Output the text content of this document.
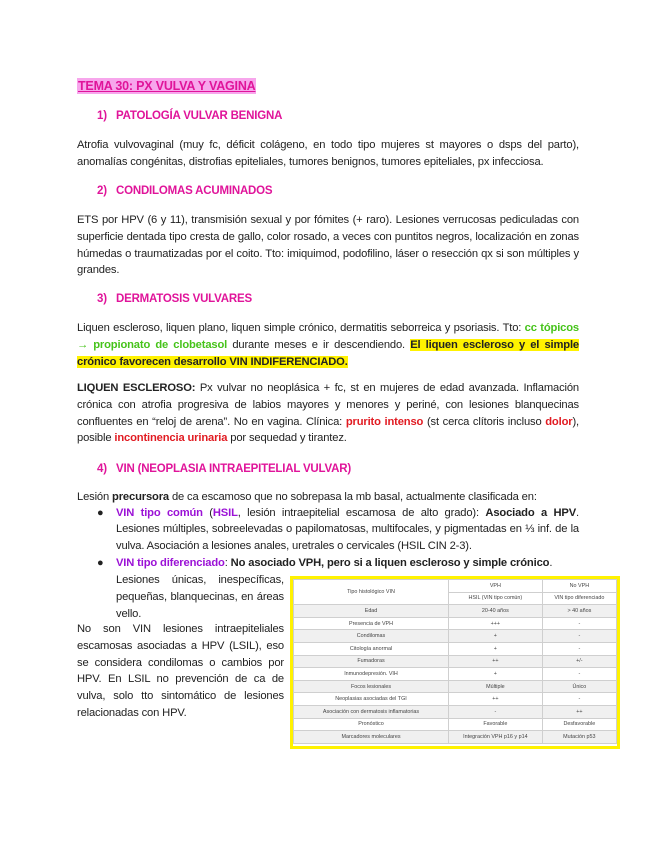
TEMA 30: PX VULVA Y VAGINA
1) PATOLOGÍA VULVAR BENIGNA
Atrofia vulvovaginal (muy fc, déficit colágeno, en todo tipo mujeres st mayores o dsps del parto), anomalías congénitas, distrofias epiteliales, tumores benignos, tumores epiteliales, px infecciosa.
2) CONDILOMAS ACUMINADOS
ETS por HPV (6 y 11), transmisión sexual y por fómites (+ raro). Lesiones verrucosas pediculadas con superficie dentada tipo cresta de gallo, color rosado, a veces con puntitos negros, localización en zonas húmedas o traumatizadas por el coito. Tto: imiquimod, podofilino, láser o resección qx si son múltiples y grandes.
3) DERMATOSIS VULVARES
Liquen escleroso, liquen plano, liquen simple crónico, dermatitis seborreica y psoriasis. Tto: cc tópicos → propionato de clobetasol durante meses e ir descendiendo. El liquen escleroso y el simple crónico favorecen desarrollo VIN INDIFERENCIADO.
LIQUEN ESCLEROSO: Px vulvar no neoplásica + fc, st en mujeres de edad avanzada. Inflamación crónica con atrofia progresiva de labios mayores y menores y periné, con lesiones blanquecinas confluentes en “reloj de arena”. No en vagina. Clínica: prurito intenso (st cerca clítoris incluso dolor), posible incontinencia urinaria por sequedad y tirantez.
4) VIN (NEOPLASIA INTRAEPITELIAL VULVAR)
Lesión precursora de ca escamoso que no sobrepasa la mb basal, actualmente clasificada en:
● VIN tipo común (HSIL, lesión intraepitelial escamosa de alto grado): Asociado a HPV. Lesiones múltiples, sobreelevadas o papilomatosas, multifocales, y pigmentadas en ⅓ inf. de la vulva. Asociación a lesiones anales, uretrales o cervicales (HSIL CIN 2-3).
● VIN tipo diferenciado: No asociado VPH, pero si a liquen escleroso y simple crónico.
Lesiones únicas, inespecíficas, pequeñas, blanquecinas, en áreas vello.
No son VIN lesiones intraepiteliales escamosas asociadas a HPV (LSIL), eso se considera condilomas o cambios por HPV. En LSIL no prevención de ca de vulva, solo tto sintomático de lesiones relacionadas con HPV.
Tipo histológico VIN	VPH	No VPH
	HSIL (VIN tipo común)	VIN tipo diferenciado
Edad	20-40 años	> 40 años
Presencia de VPH	+++	-
Condilomas	+	-
Citología anormal	+	-
Fumadoras	++	+/-
Inmunodepresión. VIH	+	-
Focos lesionales	Múltiple	Único
Neoplasias asociadas del TGI	++	-
Asociación con dermatosis inflamatorias	-	++
Pronóstico	Favorable	Desfavorable
Marcadores moleculares	Integración VPH p16 y p14	Mutación p53
